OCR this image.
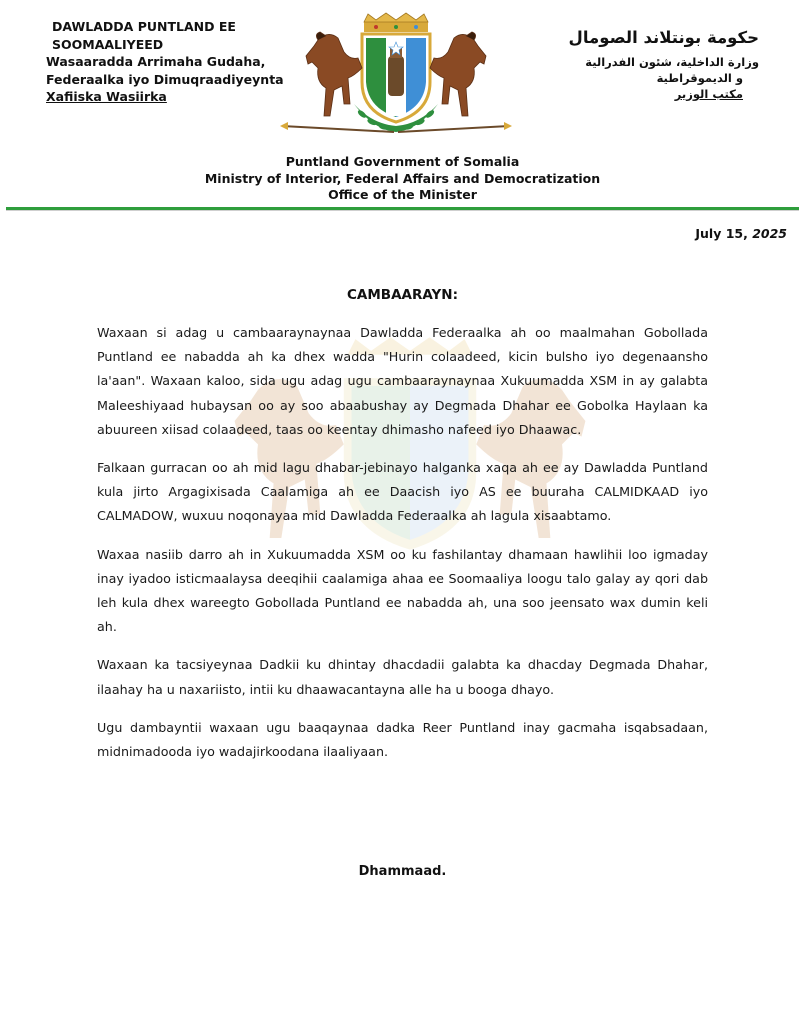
DAWLADDA PUNTLAND EE
SOOMAALIYEED
Wasaaradda Arrimaha Gudaha,
Federaalka iyo Dimuqraadiyeynta
Xafiiska Wasiirka
حكومة بونتلاند الصومال
وزارة الداخلية، شئون الفدرالية
و الديموقراطية
مكتب الوزير
Puntland Government of Somalia
Ministry of Interior, Federal Affairs and Democratization
Office of the Minister
July 15, 2025
CAMBAARAYN:

Waxaan si adag u cambaaraynaynaa Dawladda Federaalka ah oo maalmahan Gobollada Puntland ee nabadda ah ka dhex wadda "Hurin colaadeed, kicin bulsho iyo degenaansho la'aan". Waxaan kaloo, sida ugu adag ugu cambaaraynaynaa Xukuumadda XSM in ay galabta Maleeshiyaad hubaysan oo ay soo abaabushay ay Degmada Dhahar ee Gobolka Haylaan ka abuureen xiisad colaadeed, taas oo keentay dhimasho nafeed iyo Dhaawac.

Falkaan gurracan oo ah mid lagu dhabar-jebinayo halganka xaqa ah ee ay Dawladda Puntland kula jirto Argagixisada Caalamiga ah ee Daacish iyo AS ee buuraha CALMIDKAAD iyo CALMADOW, wuxuu noqonayaa mid Dawladda Federaalka ah lagula xisaabtamo.

Waxaa nasiib darro ah in Xukuumadda XSM oo ku fashilantay dhamaan hawlihii loo igmaday inay iyadoo isticmaalaysa deeqihii caalamiga ahaa ee Soomaaliya loogu talo galay ay qori dab leh kula dhex wareegto Gobollada Puntland ee nabadda ah, una soo jeensato wax dumin keli ah.

Waxaan ka tacsiyeynaa Dadkii ku dhintay dhacdadii galabta ka dhacday Degmada Dhahar, ilaahay ha u naxariisto, intii ku dhaawacantayna alle ha u booga dhayo.

Ugu dambayntii waxaan ugu baaqaynaa dadka Reer Puntland inay gacmaha isqabsadaan, midnimadooda iyo wadajirkoodana ilaaliyaan.

Dhammaad.
